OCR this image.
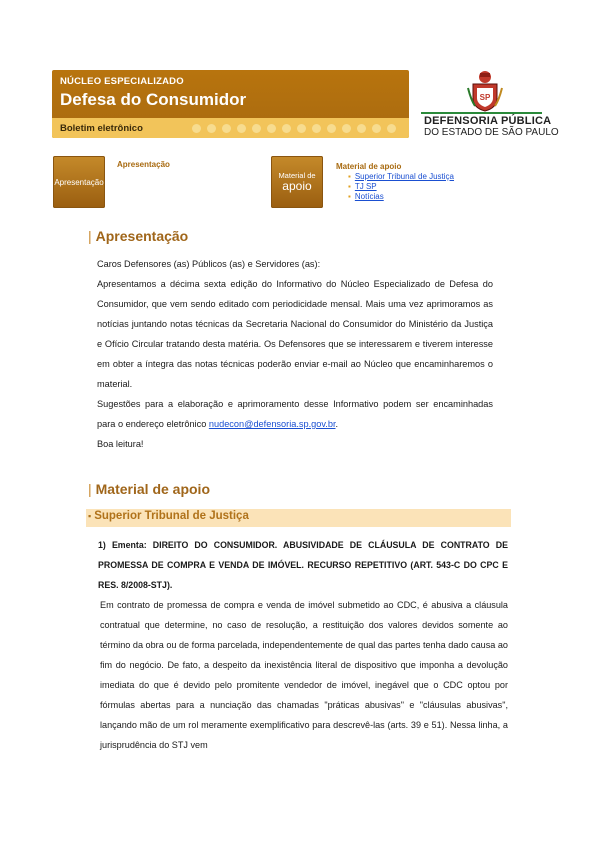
NÚCLEO ESPECIALIZADO
Defesa do Consumidor
Boletim eletrônico
SP
DEFENSORIA PÚBLICA
DO ESTADO DE SÃO PAULO
Apresentação
Apresentação
Material de
apoio
Material de apoio
▪ Superior Tribunal de Justiça
▪ TJ SP
▪ Notícias
| Apresentação

Caros Defensores (as) Públicos (as) e Servidores (as):

Apresentamos a décima sexta edição do Informativo do Núcleo Especializado de Defesa do Consumidor, que vem sendo editado com periodicidade mensal. Mais uma vez aprimoramos as notícias juntando notas técnicas da Secretaria Nacional do Consumidor do Ministério da Justiça e Ofício Circular tratando desta matéria. Os Defensores que se interessarem e tiverem interesse em obter a íntegra das notas técnicas poderão enviar e-mail ao Núcleo que encaminharemos o material.

Sugestões para a elaboração e aprimoramento desse Informativo podem ser encaminhadas para o endereço eletrônico nudecon@defensoria.sp.gov.br.

Boa leitura!

| Material de apoio
▪ Superior Tribunal de Justiça

1) Ementa: DIREITO DO CONSUMIDOR. ABUSIVIDADE DE CLÁUSULA DE CONTRATO DE PROMESSA DE COMPRA E VENDA DE IMÓVEL. RECURSO REPETITIVO (ART. 543-C DO CPC E RES. 8/2008-STJ).

Em contrato de promessa de compra e venda de imóvel submetido ao CDC, é abusiva a cláusula contratual que determine, no caso de resolução, a restituição dos valores devidos somente ao término da obra ou de forma parcelada, independentemente de qual das partes tenha dado causa ao fim do negócio. De fato, a despeito da inexistência literal de dispositivo que imponha a devolução imediata do que é devido pelo promitente vendedor de imóvel, inegável que o CDC optou por fórmulas abertas para a nunciação das chamadas "práticas abusivas" e "cláusulas abusivas", lançando mão de um rol meramente exemplificativo para descrevê-las (arts. 39 e 51). Nessa linha, a jurisprudência do STJ vem
